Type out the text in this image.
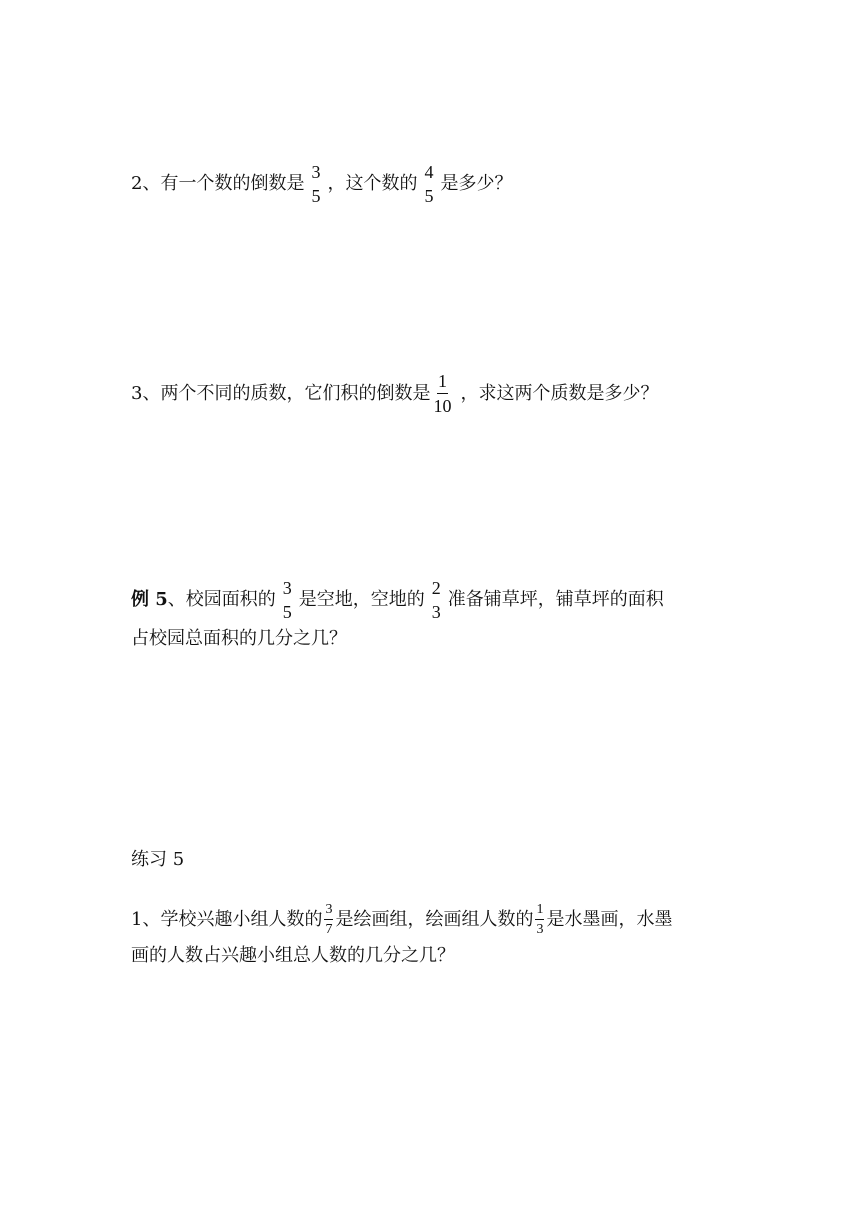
2、有一个数的倒数是
3
5
，这个数的
4
5
是多少？
3、两个不同的质数，它们积的倒数是 $\frac{1}{10}$ ，求这两个质数是多少？
例 5 、校园面积的
3
5
是空地，空地的
2
3
准备铺草坪，铺草坪的面积
占校园总面积的几分之几？
练习 5
1、学校兴趣小组人数的 $\frac{3}{7}$ 是绘画组，绘画组人数的 $\frac{1}{3}$ 是水墨画，水墨
画的人数占兴趣小组总人数的几分之几？
